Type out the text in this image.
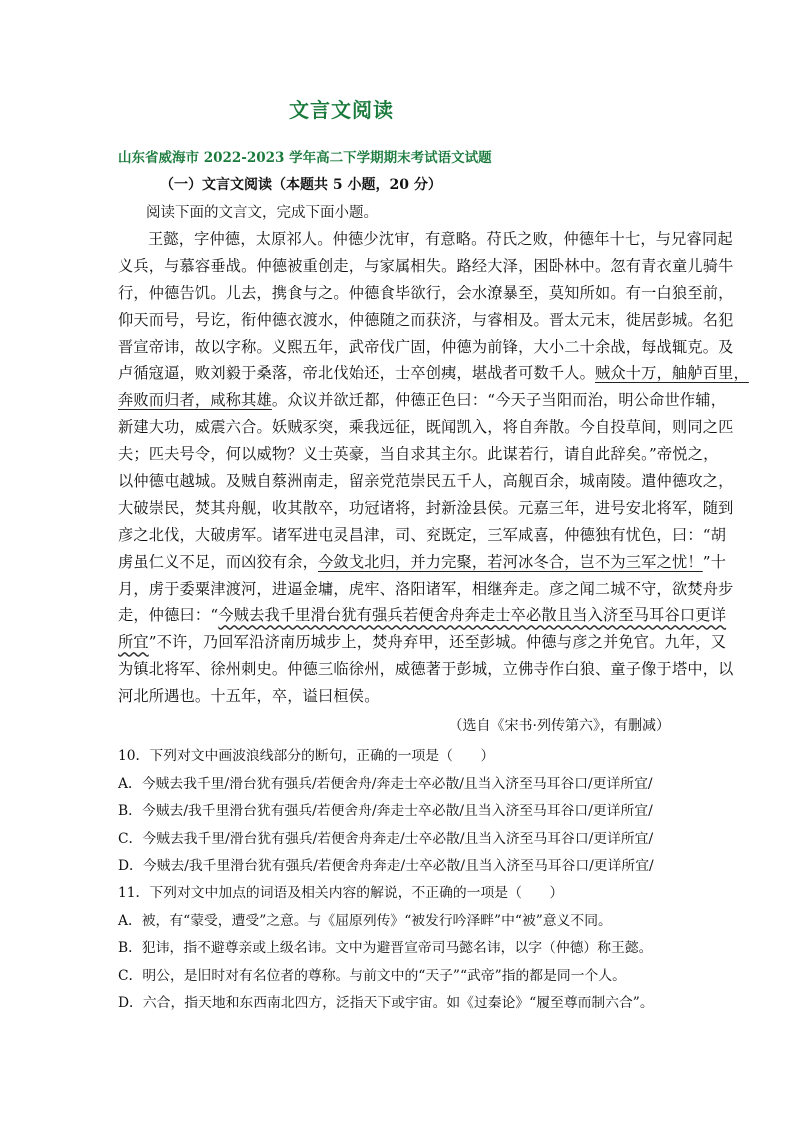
文言文阅读
山东省威海市 2022-2023 学年高二下学期期末考试语文试题
（一）文言文阅读（本题共 5 小题，20 分）
阅读下面的文言文，完成下面小题。
王懿，字仲德，太原祁人。仲德少沈审，有意略。苻氏之败，仲德年十七，与兄睿同起
义兵，与慕容垂战。仲德被重创走，与家属相失。路经大泽，困卧林中。忽有青衣童儿骑牛
行，仲德告饥。儿去，携食与之。仲德食毕欲行，会水潦暴至，莫知所如。有一白狼至前，
仰天而号，号讫，衔仲德衣渡水，仲德随之而获济，与睿相及。晋太元末，徙居彭城。名犯
晋宣帝讳，故以字称。义熙五年，武帝伐广固，仲德为前锋，大小二十余战，每战辄克。及
卢循寇逼，败刘毅于桑落，帝北伐始还，士卒创痍，堪战者可数千人。贼众十万，舳舻百里，
奔败而归者，咸称其雄。众议并欲迁都，仲德正色曰：“今天子当阳而治，明公命世作辅，
新建大功，威震六合。妖贼豕突，乘我远征，既闻凯入，将自奔散。今自投草间，则同之匹
夫；匹夫号令，何以威物？义士英豪，当自求其主尔。此谋若行，请自此辞矣。”帝悦之，
以仲德屯越城。及贼自蔡洲南走，留亲党范崇民五千人，高舰百余，城南陵。遣仲德攻之，
大破崇民，焚其舟舰，收其散卒，功冠诸将，封新淦县侯。元嘉三年，进号安北将军，随到
彦之北伐，大破虏军。诸军进屯灵昌津，司、兖既定，三军咸喜，仲德独有忧色，曰：“胡
虏虽仁义不足，而凶狡有余，今敛戈北归，并力完聚，若河冰冬合，岂不为三军之忧！”十
月，虏于委粟津渡河，进逼金墉，虎牢、洛阳诸军，相继奔走。彦之闻二城不守，欲焚舟步
走，仲德曰：“今贼去我千里滑台犹有强兵若便舍舟奔走士卒必散且当入济至马耳谷口更详
所宜”不许，乃回军沿济南历城步上，焚舟弃甲，还至彭城。仲德与彦之并免官。九年，又
为镇北将军、徐州刺史。仲德三临徐州，威德著于彭城，立佛寺作白狼、童子像于塔中，以
河北所遇也。十五年，卒，谥曰桓侯。
（选自《宋书·列传第六》，有删减）
10．下列对文中画波浪线部分的断句，正确的一项是（　　）
A．今贼去我千里/滑台犹有强兵/若便舍舟/奔走士卒必散/且当入济至马耳谷口/更详所宜/
B．今贼去/我千里滑台犹有强兵/若便舍舟/奔走士卒必散/且当入济至马耳谷口/更详所宜/
C．今贼去我千里/滑台犹有强兵/若便舍舟奔走/士卒必散/且当入济至马耳谷口/更详所宜/
D．今贼去/我千里滑台犹有强兵/若便舍舟奔走/士卒必散/且当入济至马耳谷口/更详所宜/
11．下列对文中加点的词语及相关内容的解说，不正确的一项是（　　）
A．被，有“蒙受，遭受”之意。与《屈原列传》“被发行吟泽畔”中“被”意义不同。
B．犯讳，指不避尊亲或上级名讳。文中为避晋宣帝司马懿名讳，以字（仲德）称王懿。
C．明公，是旧时对有名位者的尊称。与前文中的“天子”“武帝”指的都是同一个人。
D．六合，指天地和东西南北四方，泛指天下或宇宙。如《过秦论》“履至尊而制六合”。
